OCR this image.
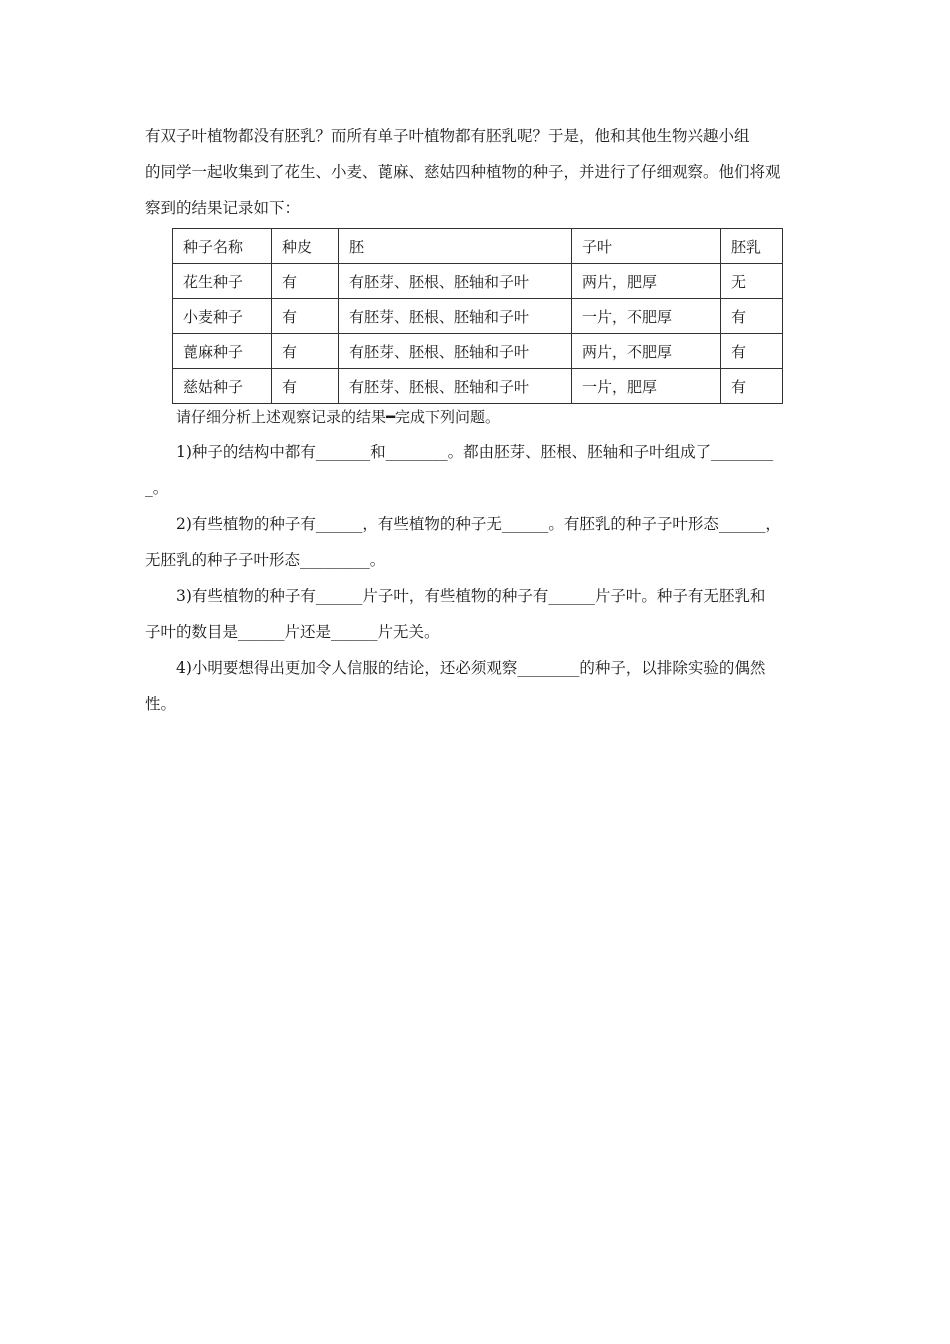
有双子叶植物都没有胚乳？而所有单子叶植物都有胚乳呢？于是，他和其他生物兴趣小组

的同学一起收集到了花生、小麦、蓖麻、慈姑四种植物的种子，并进行了仔细观察。他们将观

察到的结果记录如下：

种子名称	种皮	胚	子叶	胚乳
花生种子	有	有胚芽、胚根、胚轴和子叶	两片，肥厚	无
小麦种子	有	有胚芽、胚根、胚轴和子叶	一片，不肥厚	有
蓖麻种子	有	有胚芽、胚根、胚轴和子叶	两片，不肥厚	有
慈姑种子	有	有胚芽、胚根、胚轴和子叶	一片，肥厚	有

请仔细分析上述观察记录的结果━完成下列问题。

1)种子的结构中都有_______和________。都由胚芽、胚根、胚轴和子叶组成了________

_。

2)有些植物的种子有______，有些植物的种子无______。有胚乳的种子子叶形态______，

无胚乳的种子子叶形态_________。

3)有些植物的种子有______片子叶，有些植物的种子有______片子叶。种子有无胚乳和

子叶的数目是______片还是______片无关。

4)小明要想得出更加令人信服的结论，还必须观察________的种子，以排除实验的偶然

性。
